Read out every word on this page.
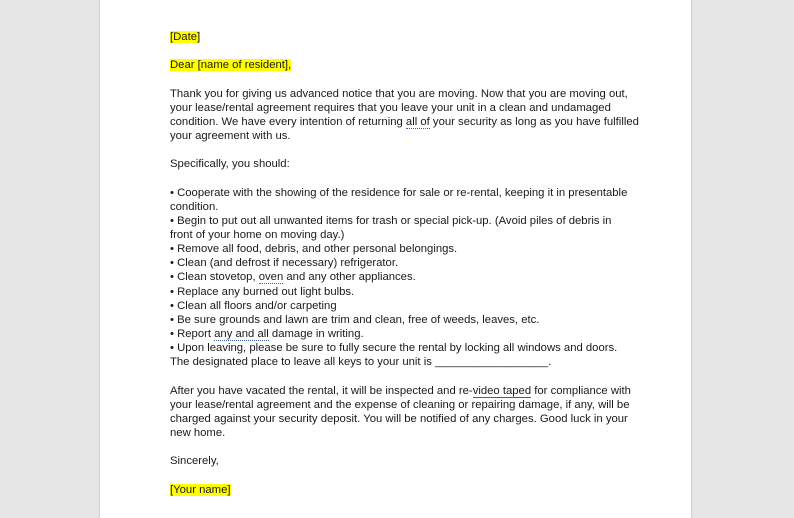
[Date]
Dear [name of resident],
Thank you for giving us advanced notice that you are moving. Now that you are moving out,
your lease/rental agreement requires that you leave your unit in a clean and undamaged
condition. We have every intention of returning all of your security as long as you have fulfilled
your agreement with us.
Specifically, you should:
• Cooperate with the showing of the residence for sale or re-rental, keeping it in presentable
condition.
• Begin to put out all unwanted items for trash or special pick-up. (Avoid piles of debris in
front of your home on moving day.)
• Remove all food, debris, and other personal belongings.
• Clean (and defrost if necessary) refrigerator.
• Clean stovetop, oven and any other appliances.
• Replace any burned out light bulbs.
• Clean all floors and/or carpeting
• Be sure grounds and lawn are trim and clean, free of weeds, leaves, etc.
• Report any and all damage in writing.
• Upon leaving, please be sure to fully secure the rental by locking all windows and doors.
The designated place to leave all keys to your unit is __________________.
After you have vacated the rental, it will be inspected and re-video taped for compliance with
your lease/rental agreement and the expense of cleaning or repairing damage, if any, will be
charged against your security deposit. You will be notified of any charges. Good luck in your
new home.
Sincerely,
[Your name]
